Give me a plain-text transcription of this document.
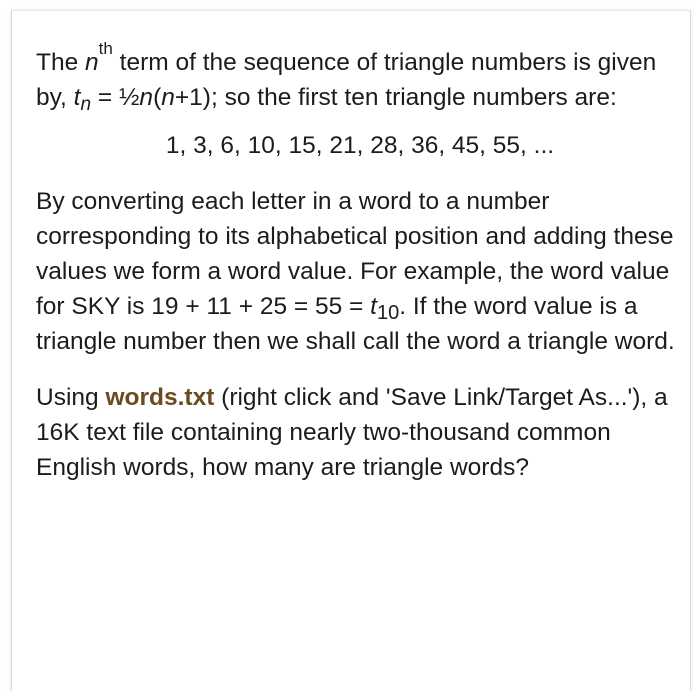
The $n^{th}$ term of the sequence of triangle numbers is given by, $t_n$ = ½n(n+1); so the first ten triangle numbers are:

1, 3, 6, 10, 15, 21, 28, 36, 45, 55, ...

By converting each letter in a word to a number corresponding to its alphabetical position and adding these values we form a word value. For example, the word value for SKY is $19 + 11 + 25 = 55 = t_{10}$. If the word value is a triangle number then we shall call the word a triangle word.

Using words.txt (right click and 'Save Link/Target As...'), a 16K text file containing nearly two-thousand common English words, how many are triangle words?
